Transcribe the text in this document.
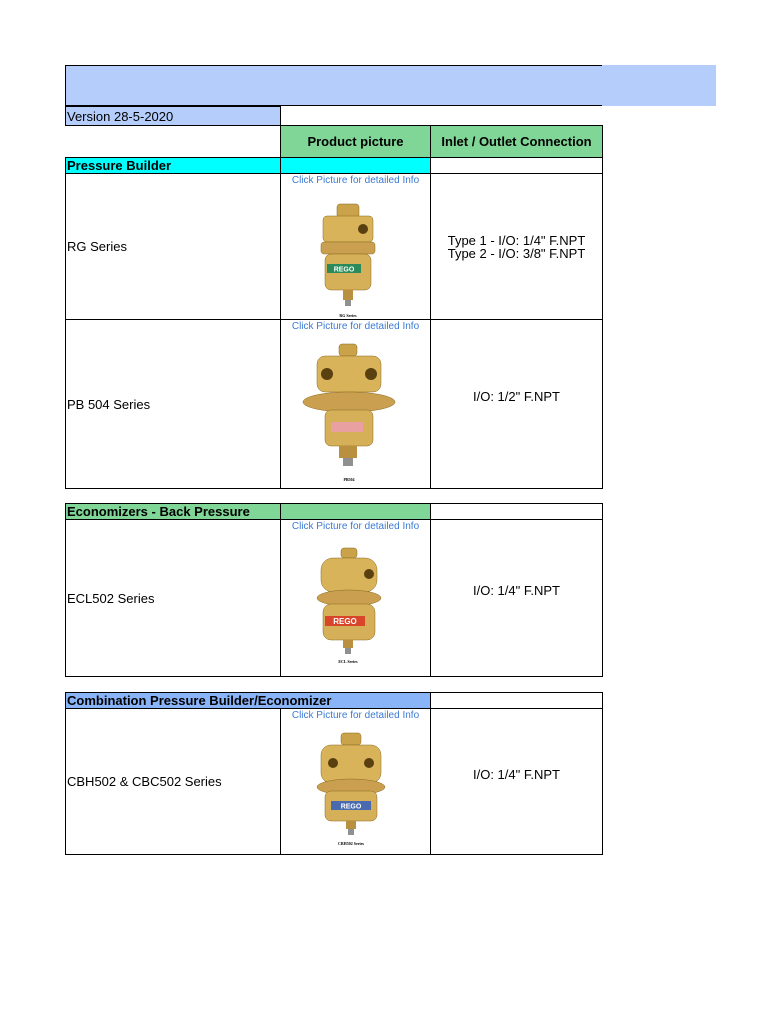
Version 28-5-2020
Product picture	Inlet / Outlet Connection
Pressure Builder
RG Series
Click Picture for detailed Info
REGO
RG Series
Type 1 - I/O: 1/4" F.NPT
Type 2 - I/O: 3/8" F.NPT
PB 504 Series
Click Picture for detailed Info
PB504
I/O: 1/2" F.NPT
Economizers - Back Pressure
ECL502 Series
Click Picture for detailed Info
REGO
ECL Series
I/O: 1/4" F.NPT
Combination Pressure Builder/Economizer
CBH502 & CBC502 Series
Click Picture for detailed Info
REGO
CBH502 Series
I/O: 1/4" F.NPT
